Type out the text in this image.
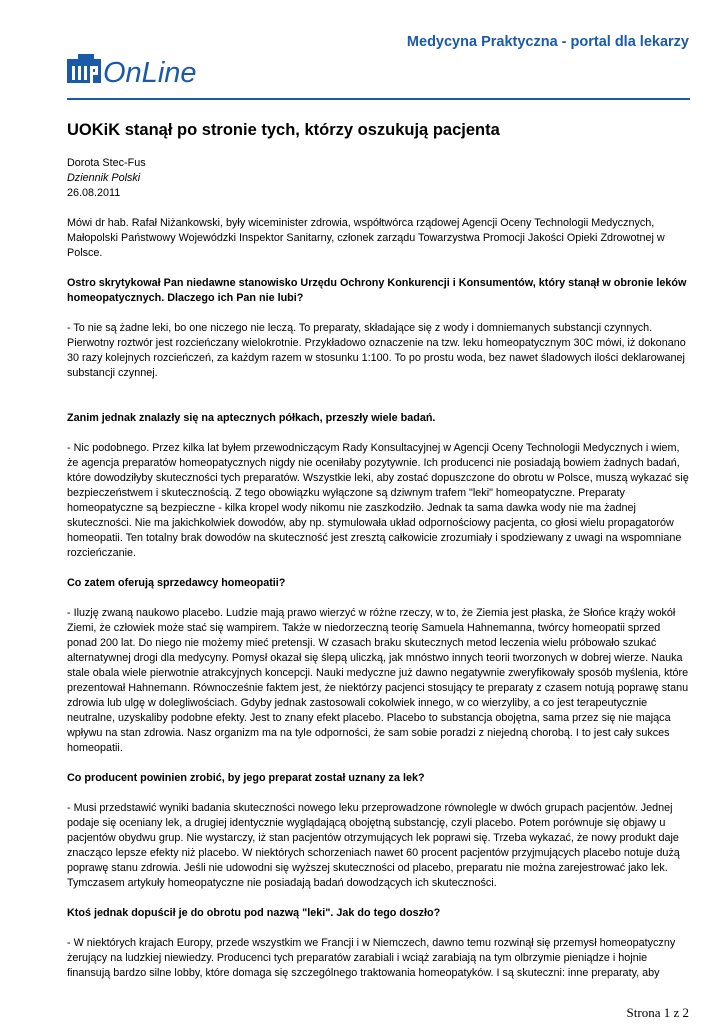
Medycyna Praktyczna - portal dla lekarzy
OnLine
UOKiK stanął po stronie tych, którzy oszukują pacjenta
Dorota Stec-Fus
Dziennik Polski
26.08.2011

Mówi dr hab. Rafał Niżankowski, były wiceminister zdrowia, współtwórca rządowej Agencji Oceny Technologii Medycznych, Małopolski Państwowy Wojewódzki Inspektor Sanitarny, członek zarządu Towarzystwa Promocji Jakości Opieki Zdrowotnej w Polsce.

Ostro skrytykował Pan niedawne stanowisko Urzędu Ochrony Konkurencji i Konsumentów, który stanął w obronie leków homeopatycznych. Dlaczego ich Pan nie lubi?

- To nie są żadne leki, bo one niczego nie leczą. To preparaty, składające się z wody i domniemanych substancji czynnych. Pierwotny roztwór jest rozcieńczany wielokrotnie. Przykładowo oznaczenie na tzw. leku homeopatycznym 30C mówi, iż dokonano 30 razy kolejnych rozcieńczeń, za każdym razem w stosunku 1:100. To po prostu woda, bez nawet śladowych ilości deklarowanej substancji czynnej.

Zanim jednak znalazły się na aptecznych półkach, przeszły wiele badań.

- Nic podobnego. Przez kilka lat byłem przewodniczącym Rady Konsultacyjnej w Agencji Oceny Technologii Medycznych i wiem, że agencja preparatów homeopatycznych nigdy nie oceniłaby pozytywnie. Ich producenci nie posiadają bowiem żadnych badań, które dowodziłyby skuteczności tych preparatów. Wszystkie leki, aby zostać dopuszczone do obrotu w Polsce, muszą wykazać się bezpieczeństwem i skutecznością. Z tego obowiązku wyłączone są dziwnym trafem "leki" homeopatyczne. Preparaty homeopatyczne są bezpieczne - kilka kropel wody nikomu nie zaszkodziło. Jednak ta sama dawka wody nie ma żadnej skuteczności. Nie ma jakichkolwiek dowodów, aby np. stymulowała układ odpornościowy pacjenta, co głosi wielu propagatorów homeopatii. Ten totalny brak dowodów na skuteczność jest zresztą całkowicie zrozumiały i spodziewany z uwagi na wspomniane rozcieńczanie.

Co zatem oferują sprzedawcy homeopatii?

- Iluzję zwaną naukowo placebo. Ludzie mają prawo wierzyć w różne rzeczy, w to, że Ziemia jest płaska, że Słońce krąży wokół Ziemi, że człowiek może stać się wampirem. Także w niedorzeczną teorię Samuela Hahnemanna, twórcy homeopatii sprzed ponad 200 lat. Do niego nie możemy mieć pretensji. W czasach braku skutecznych metod leczenia wielu próbowało szukać alternatywnej drogi dla medycyny. Pomysł okazał się ślepą uliczką, jak mnóstwo innych teorii tworzonych w dobrej wierze. Nauka stale obala wiele pierwotnie atrakcyjnych koncepcji. Nauki medyczne już dawno negatywnie zweryfikowały sposób myślenia, które prezentował Hahnemann. Równocześnie faktem jest, że niektórzy pacjenci stosujący te preparaty z czasem notują poprawę stanu zdrowia lub ulgę w dolegliwościach. Gdyby jednak zastosowali cokolwiek innego, w co wierzyliby, a co jest terapeutycznie neutralne, uzyskaliby podobne efekty. Jest to znany efekt placebo. Placebo to substancja obojętna, sama przez się nie mająca wpływu na stan zdrowia. Nasz organizm ma na tyle odporności, że sam sobie poradzi z niejedną chorobą. I to jest cały sukces homeopatii.

Co producent powinien zrobić, by jego preparat został uznany za lek?

- Musi przedstawić wyniki badania skuteczności nowego leku przeprowadzone równolegle w dwóch grupach pacjentów. Jednej podaje się oceniany lek, a drugiej identycznie wyglądającą obojętną substancję, czyli placebo. Potem porównuje się objawy u pacjentów obydwu grup. Nie wystarczy, iż stan pacjentów otrzymujących lek poprawi się. Trzeba wykazać, że nowy produkt daje znacząco lepsze efekty niż placebo. W niektórych schorzeniach nawet 60 procent pacjentów przyjmujących placebo notuje dużą poprawę stanu zdrowia. Jeśli nie udowodni się wyższej skuteczności od placebo, preparatu nie można zarejestrować jako lek. Tymczasem artykuły homeopatyczne nie posiadają badań dowodzących ich skuteczności.

Ktoś jednak dopuścił je do obrotu pod nazwą "leki". Jak do tego doszło?

- W niektórych krajach Europy, przede wszystkim we Francji i w Niemczech, dawno temu rozwinął się przemysł homeopatyczny żerujący na ludzkiej niewiedzy. Producenci tych preparatów zarabiali i wciąż zarabiają na tym olbrzymie pieniądze i hojnie finansują bardzo silne lobby, które domaga się szczególnego traktowania homeopatyków. I są skuteczni: inne preparaty, aby

Strona 1 z 2
